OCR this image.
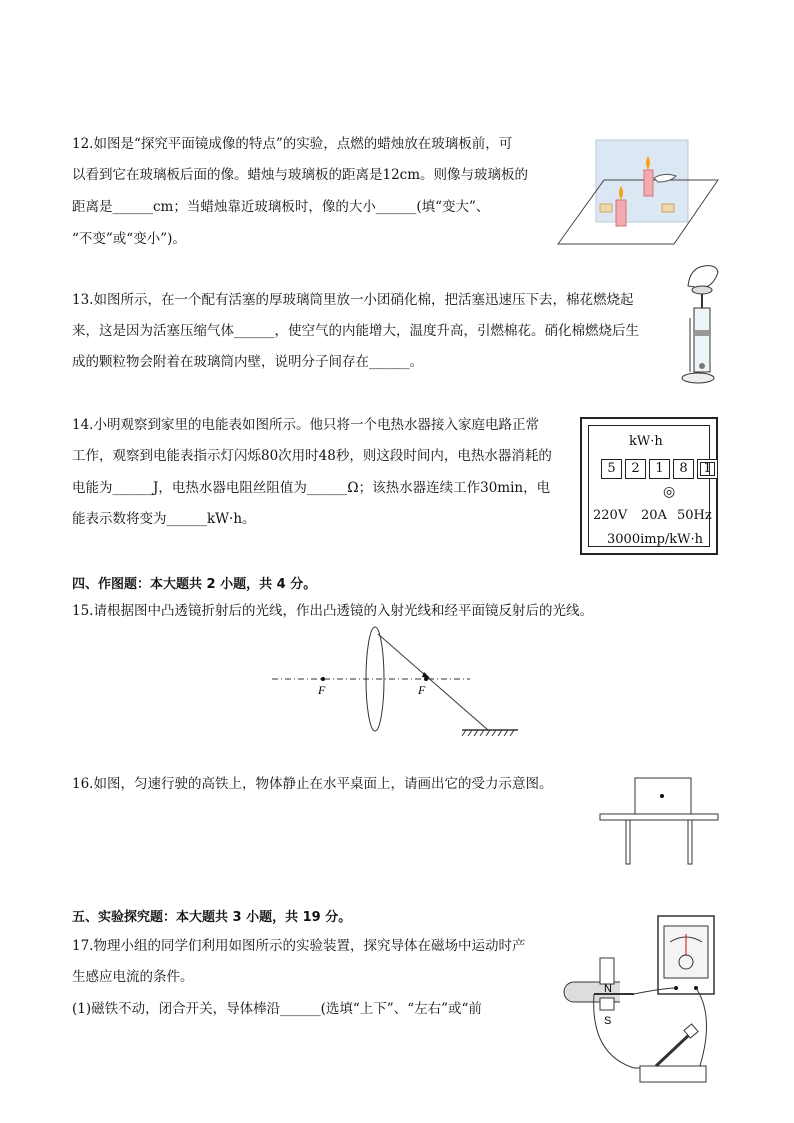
12.如图是“探究平面镜成像的特点”的实验，点燃的蜡烛放在玻璃板前，可
以看到它在玻璃板后面的像。蜡烛与玻璃板的距离是12cm。则像与玻璃板的
距离是______cm；当蜡烛靠近玻璃板时，像的大小______(填“变大”、
“不变”或“变小”)。
13.如图所示，在一个配有活塞的厚玻璃筒里放一小团硝化棉，把活塞迅速压下去，棉花燃烧起
来，这是因为活塞压缩气体______，使空气的内能增大，温度升高，引燃棉花。硝化棉燃烧后生
成的颗粒物会附着在玻璃筒内壁，说明分子间存在______。
14.小明观察到家里的电能表如图所示。他只将一个电热水器接入家庭电路正常
工作，观察到电能表指示灯闪烁80次用时48秒，则这段时间内，电热水器消耗的
电能为______J，电热水器电阻丝阻值为______Ω；该热水器连续工作30min，电
能表示数将变为______kW·h。
kW·h
5	2	1	8	1
◎
220V 20A 50Hz
3000imp/kW·h
四、作图题：本大题共 2 小题，共 4 分。
15.请根据图中凸透镜折射后的光线，作出凸透镜的入射光线和经平面镜反射后的光线。
F	F
16.如图，匀速行驶的高铁上，物体静止在水平桌面上，请画出它的受力示意图。
五、实验探究题：本大题共 3 小题，共 19 分。
17.物理小组的同学们利用如图所示的实验装置，探究导体在磁场中运动时产
生感应电流的条件。
(1)磁铁不动，闭合开关，导体棒沿______(选填“上下”、“左右”或“前
N
S
